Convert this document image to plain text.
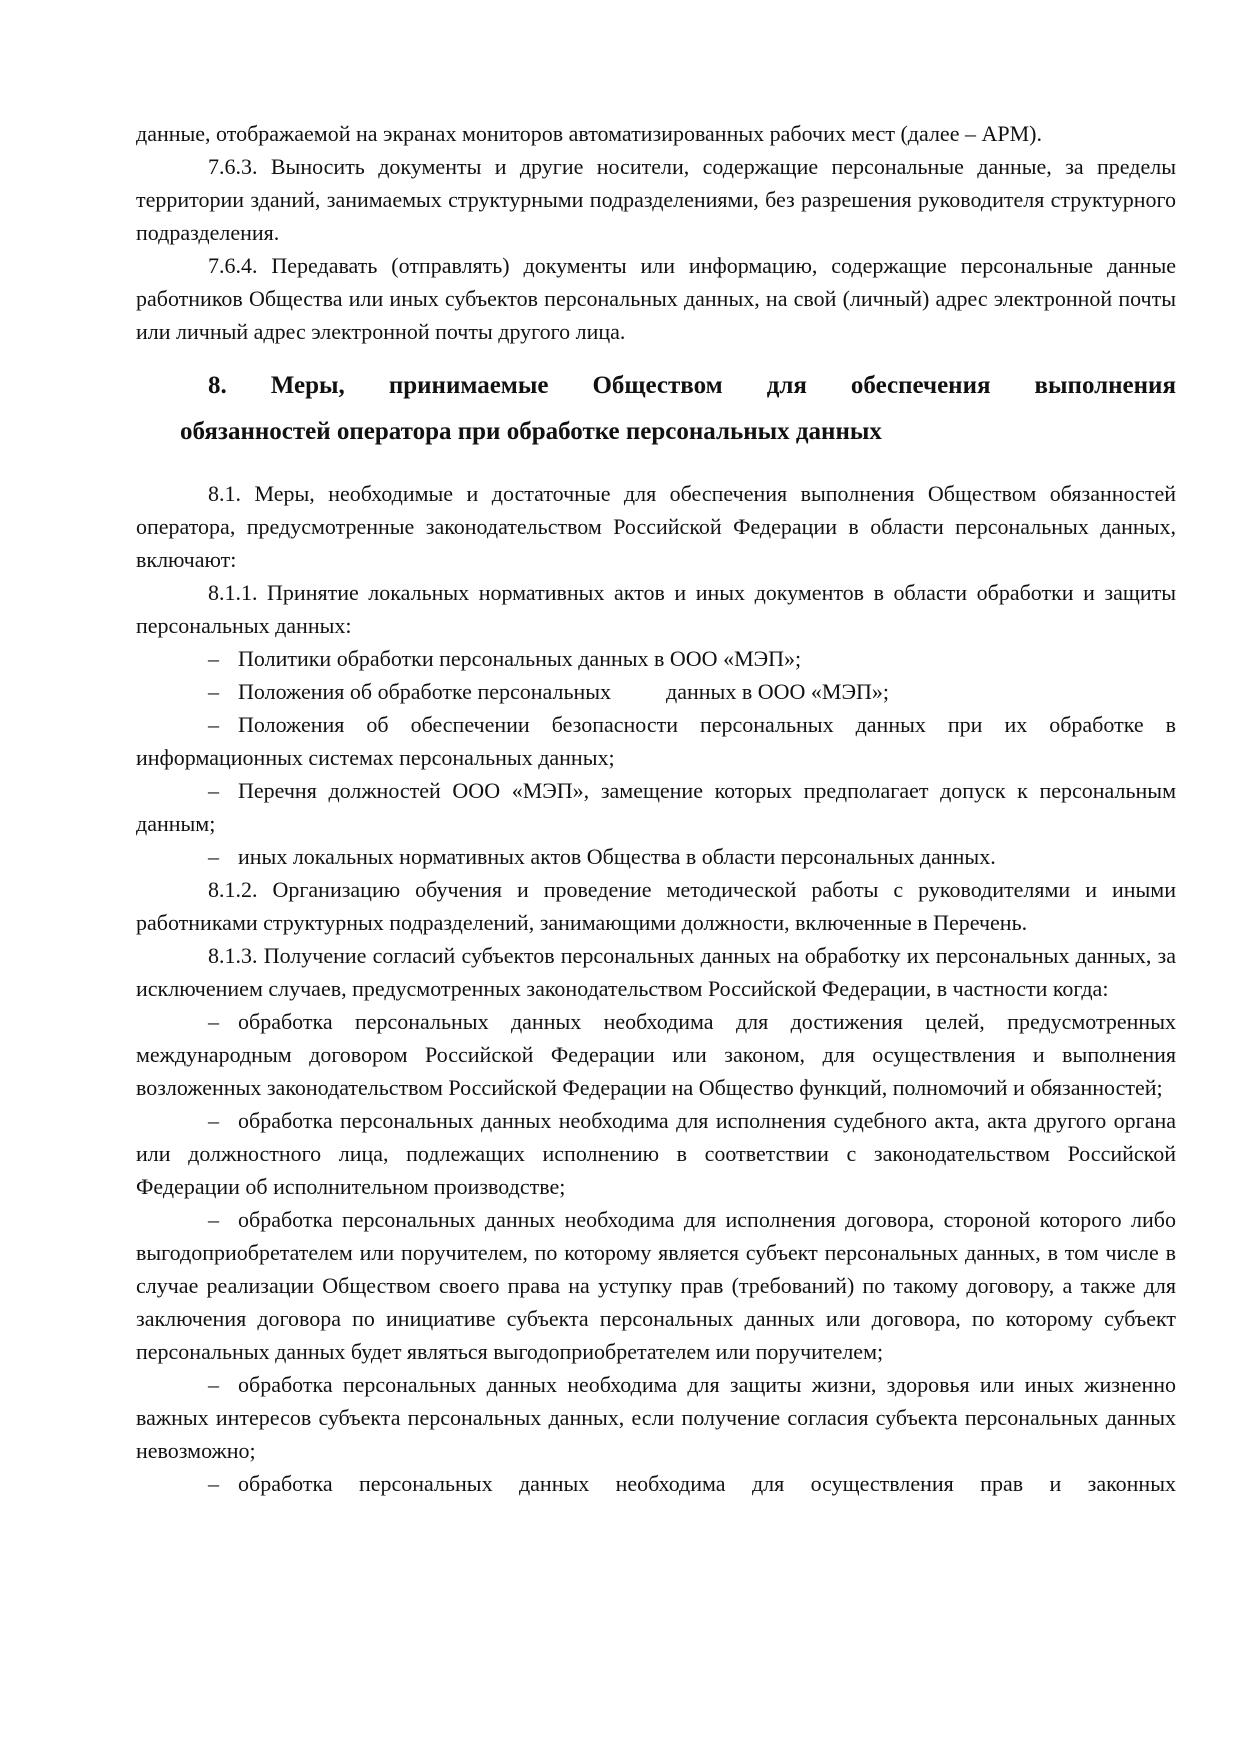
данные, отображаемой на экранах мониторов автоматизированных рабочих мест (далее – АРМ).

7.6.3. Выносить документы и другие носители, содержащие персональные данные, за пределы территории зданий, занимаемых структурными подразделениями, без разрешения руководителя структурного подразделения.

7.6.4. Передавать (отправлять) документы или информацию, содержащие персональные данные работников Общества или иных субъектов персональных данных, на свой (личный) адрес электронной почты или личный адрес электронной почты другого лица.

8. Меры, принимаемые Обществом для обеспечения выполнения
обязанностей оператора при обработке персональных данных

8.1. Меры, необходимые и достаточные для обеспечения выполнения Обществом обязанностей оператора, предусмотренные законодательством Российской Федерации в области персональных данных, включают:

8.1.1. Принятие локальных нормативных актов и иных документов в области обработки и защиты персональных данных:

– Политики обработки персональных данных в ООО «МЭП»;

– Положения об обработке персональных          данных в ООО «МЭП»;

– Положения об обеспечении безопасности персональных данных при их обработке в информационных системах персональных данных;

– Перечня должностей ООО «МЭП», замещение которых предполагает допуск к персональным данным;

– иных локальных нормативных актов Общества в области персональных данных.

8.1.2. Организацию обучения и проведение методической работы с руководителями и иными работниками структурных подразделений, занимающими должности, включенные в Перечень.

8.1.3. Получение согласий субъектов персональных данных на обработку их персональных данных, за исключением случаев, предусмотренных законодательством Российской Федерации, в частности когда:

– обработка персональных данных необходима для достижения целей, предусмотренных международным договором Российской Федерации или законом, для осуществления и выполнения возложенных законодательством Российской Федерации на Общество функций, полномочий и обязанностей;

– обработка персональных данных необходима для исполнения судебного акта, акта другого органа или должностного лица, подлежащих исполнению в соответствии с законодательством Российской Федерации об исполнительном производстве;

– обработка персональных данных необходима для исполнения договора, стороной которого либо выгодоприобретателем или поручителем, по которому является субъект персональных данных, в том числе в случае реализации Обществом своего права на уступку прав (требований) по такому договору, а также для заключения договора по инициативе субъекта персональных данных или договора, по которому субъект персональных данных будет являться выгодоприобретателем или поручителем;

– обработка персональных данных необходима для защиты жизни, здоровья или иных жизненно важных интересов субъекта персональных данных, если получение согласия субъекта персональных данных невозможно;

– обработка персональных данных необходима для осуществления прав и законных
